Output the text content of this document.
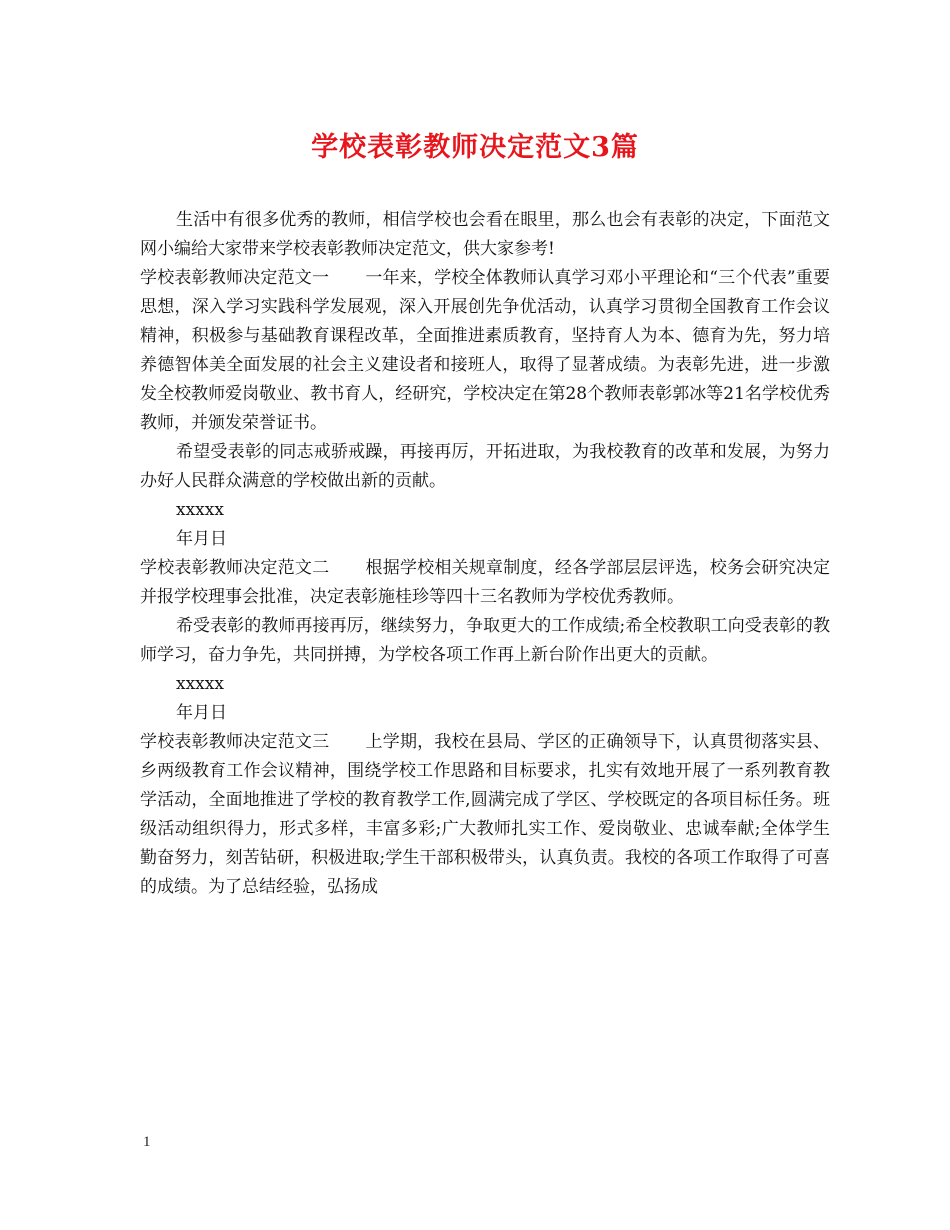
学校表彰教师决定范文3篇

生活中有很多优秀的教师，相信学校也会看在眼里，那么也会有表彰的决定，下面范文网小编给大家带来学校表彰教师决定范文，供大家参考!

学校表彰教师决定范文一 一年来，学校全体教师认真学习邓小平理论和“三个代表”重要思想，深入学习实践科学发展观，深入开展创先争优活动，认真学习贯彻全国教育工作会议精神，积极参与基础教育课程改革，全面推进素质教育，坚持育人为本、德育为先，努力培养德智体美全面发展的社会主义建设者和接班人，取得了显著成绩。为表彰先进，进一步激发全校教师爱岗敬业、教书育人，经研究，学校决定在第28个教师表彰郭冰等21名学校优秀教师，并颁发荣誉证书。

希望受表彰的同志戒骄戒躁，再接再厉，开拓进取，为我校教育的改革和发展，为努力办好人民群众满意的学校做出新的贡献。

xxxxx

年月日

学校表彰教师决定范文二 根据学校相关规章制度，经各学部层层评选，校务会研究决定并报学校理事会批准，决定表彰施桂珍等四十三名教师为学校优秀教师。

希受表彰的教师再接再厉，继续努力，争取更大的工作成绩;希全校教职工向受表彰的教师学习，奋力争先，共同拼搏，为学校各项工作再上新台阶作出更大的贡献。

xxxxx

年月日

学校表彰教师决定范文三 上学期，我校在县局、学区的正确领导下，认真贯彻落实县、乡两级教育工作会议精神，围绕学校工作思路和目标要求，扎实有效地开展了一系列教育教学活动，全面地推进了学校的教育教学工作,圆满完成了学区、学校既定的各项目标任务。班级活动组织得力，形式多样，丰富多彩;广大教师扎实工作、爱岗敬业、忠诚奉献;全体学生勤奋努力，刻苦钻研，积极进取;学生干部积极带头，认真负责。我校的各项工作取得了可喜的成绩。为了总结经验，弘扬成

1
